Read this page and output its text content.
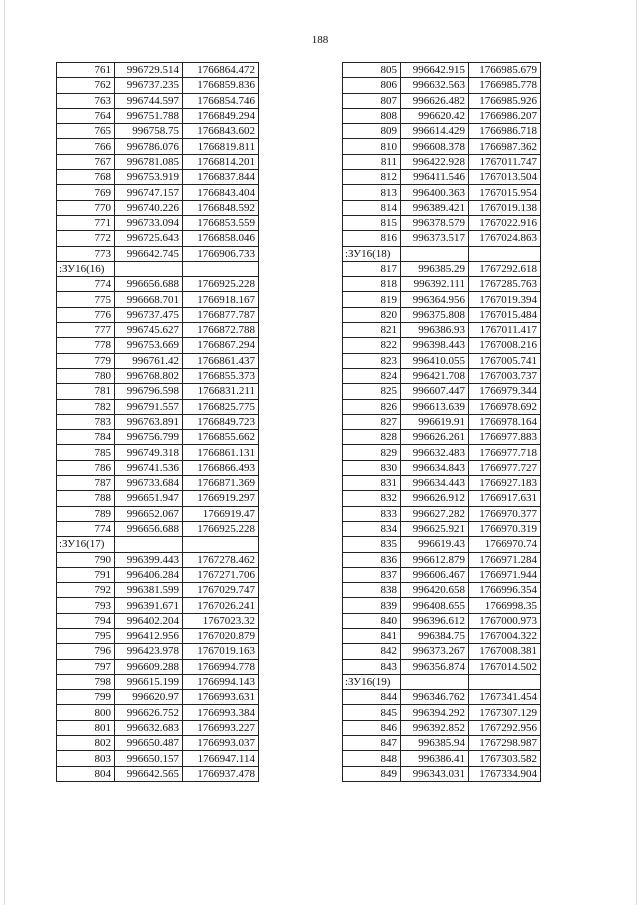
188
761	996729.514	1766864.472
762	996737.235	1766859.836
763	996744.597	1766854.746
764	996751.788	1766849.294
765	996758.75	1766843.602
766	996786.076	1766819.811
767	996781.085	1766814.201
768	996753.919	1766837.844
769	996747.157	1766843.404
770	996740.226	1766848.592
771	996733.094	1766853.559
772	996725.643	1766858.046
773	996642.745	1766906.733
:ЗУ16(16)		
774	996656.688	1766925.228
775	996668.701	1766918.167
776	996737.475	1766877.787
777	996745.627	1766872.788
778	996753.669	1766867.294
779	996761.42	1766861.437
780	996768.802	1766855.373
781	996796.598	1766831.211
782	996791.557	1766825.775
783	996763.891	1766849.723
784	996756.799	1766855.662
785	996749.318	1766861.131
786	996741.536	1766866.493
787	996733.684	1766871.369
788	996651.947	1766919.297
789	996652.067	1766919.47
774	996656.688	1766925.228
:ЗУ16(17)		
790	996399.443	1767278.462
791	996406.284	1767271.706
792	996381.599	1767029.747
793	996391.671	1767026.241
794	996402.204	1767023.32
795	996412.956	1767020.879
796	996423.978	1767019.163
797	996609.288	1766994.778
798	996615.199	1766994.143
799	996620.97	1766993.631
800	996626.752	1766993.384
801	996632.683	1766993.227
802	996650.487	1766993.037
803	996650.157	1766947.114
804	996642.565	1766937.478
805	996642.915	1766985.679
806	996632.563	1766985.778
807	996626.482	1766985.926
808	996620.42	1766986.207
809	996614.429	1766986.718
810	996608.378	1766987.362
811	996422.928	1767011.747
812	996411.546	1767013.504
813	996400.363	1767015.954
814	996389.421	1767019.138
815	996378.579	1767022.916
816	996373.517	1767024.863
:ЗУ16(18)		
817	996385.29	1767292.618
818	996392.111	1767285.763
819	996364.956	1767019.394
820	996375.808	1767015.484
821	996386.93	1767011.417
822	996398.443	1767008.216
823	996410.055	1767005.741
824	996421.708	1767003.737
825	996607.447	1766979.344
826	996613.639	1766978.692
827	996619.91	1766978.164
828	996626.261	1766977.883
829	996632.483	1766977.718
830	996634.843	1766977.727
831	996634.443	1766927.183
832	996626.912	1766917.631
833	996627.282	1766970.377
834	996625.921	1766970.319
835	996619.43	1766970.74
836	996612.879	1766971.284
837	996606.467	1766971.944
838	996420.658	1766996.354
839	996408.655	1766998.35
840	996396.612	1767000.973
841	996384.75	1767004.322
842	996373.267	1767008.381
843	996356.874	1767014.502
:ЗУ16(19)		
844	996346.762	1767341.454
845	996394.292	1767307.129
846	996392.852	1767292.956
847	996385.94	1767298.987
848	996386.41	1767303.582
849	996343.031	1767334.904
